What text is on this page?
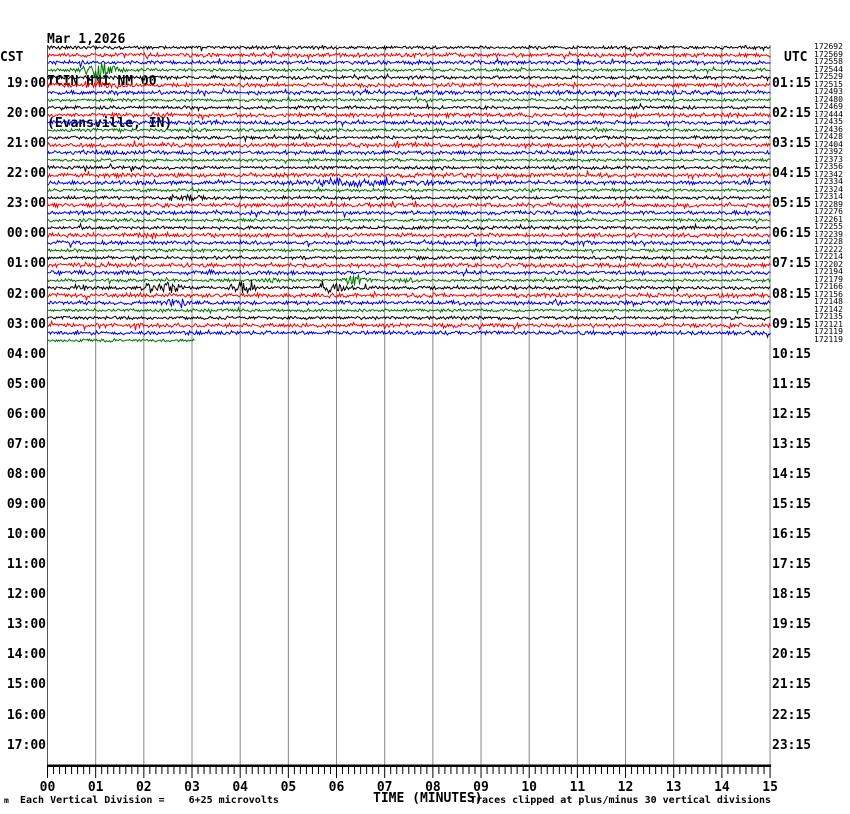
Mar 1,2026

TCIN HN1 NM 00

(Evansville, IN)

CST	UTC
19:00
20:00
21:00
22:00
23:00
00:00
01:00
02:00
03:00
04:00
05:00
06:00
07:00
08:00
09:00
10:00
11:00
12:00
13:00
14:00
15:00
16:00
17:00
01:15
02:15
03:15
04:15
05:15
06:15
07:15
08:15
09:15
10:15
11:15
12:15
13:15
14:15
15:15
16:15
17:15
18:15
19:15
20:15
21:15
22:15
23:15
172692
172569
172558
172544
172529
172515
172493
172480
172469
172444
172435
172436
172428
172404
172392
172373
172356
172342
172334
172324
172314
172289
172276
172261
172255
172239
172228
172222
172214
172202
172194
172179
172166
172156
172148
172142
172135
172121
172119
172119
00	01	02	03	04	05	06	07	08	09	10	11	12	13	14	15
m Each Vertical Division =    6+25 microvolts	TIME (MINUTES)
Traces clipped at plus/minus 30 vertical divisions
